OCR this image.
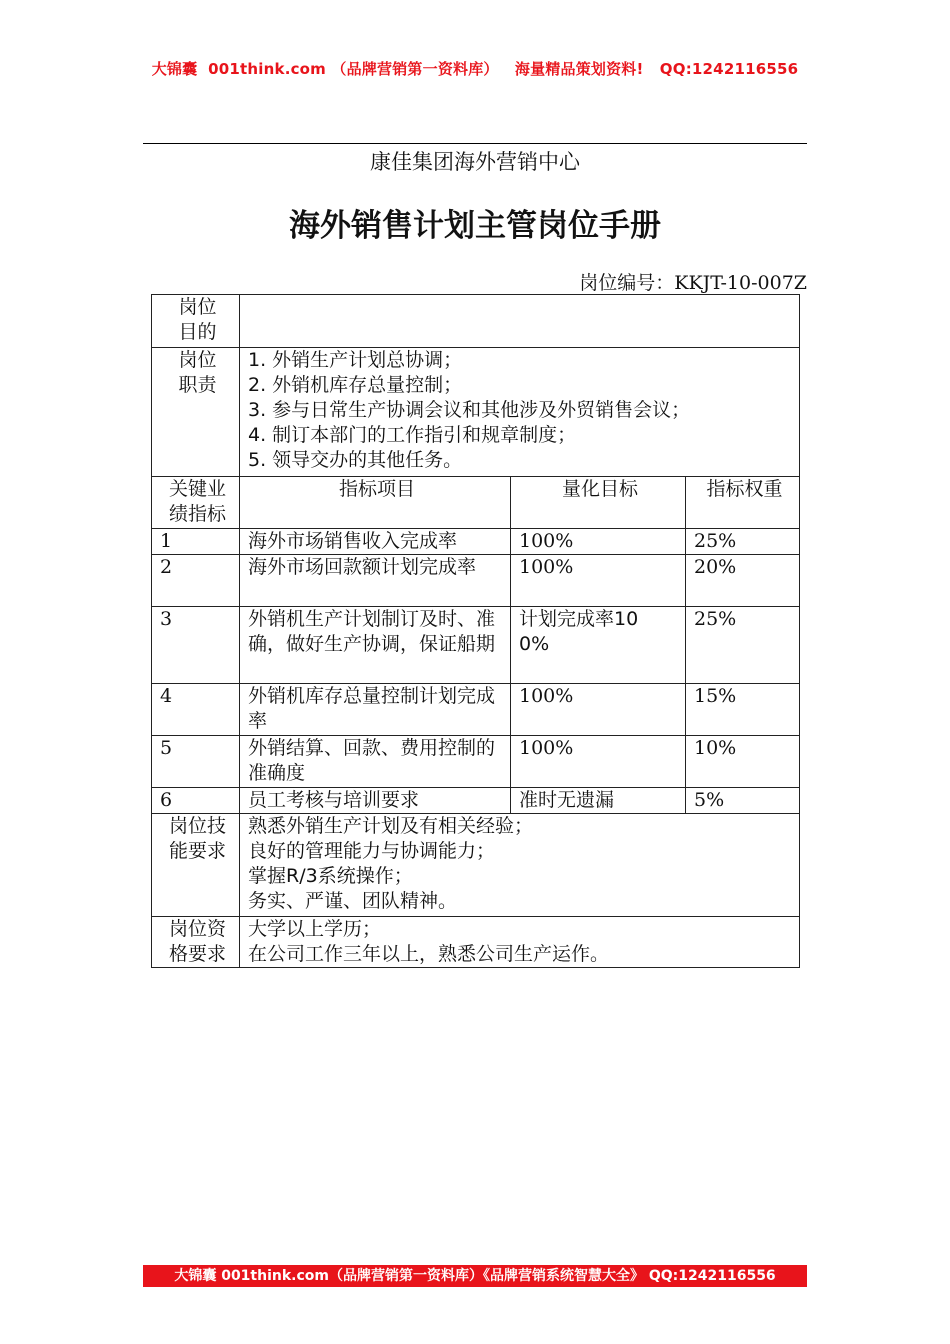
大锦囊  001think.com （品牌营销第一资料库）   海量精品策划资料!   QQ:1242116556
康佳集团海外营销中心
海外销售计划主管岗位手册
岗位编号：KKJT-10-007Z
岗位目的			
岗位职责	1. 外销生产计划总协调；
2. 外销机库存总量控制；
3. 参与日常生产协调会议和其他涉及外贸销售会议；
4. 制订本部门的工作指引和规章制度；
5. 领导交办的其他任务。		

关键业绩指标	指标项目	量化目标	指标权重
1	海外市场销售收入完成率	100%	25%
2	海外市场回款额计划完成率	100%	20%
3	外销机生产计划制订及时、准确，做好生产协调，保证船期	计划完成率100%	25%
4	外销机库存总量控制计划完成率	100%	15%
5	外销结算、回款、费用控制的准确度	100%	10%
6	员工考核与培训要求	准时无遗漏	5%
岗位技能要求	熟悉外销生产计划及有相关经验；
良好的管理能力与协调能力；
掌握R/3系统操作；
务实、严谨、团队精神。		

岗位资格要求	大学以上学历；
在公司工作三年以上，熟悉公司生产运作。		
大锦囊 001think.com（品牌营销第一资料库）《品牌营销系统智慧大全》 QQ:1242116556
